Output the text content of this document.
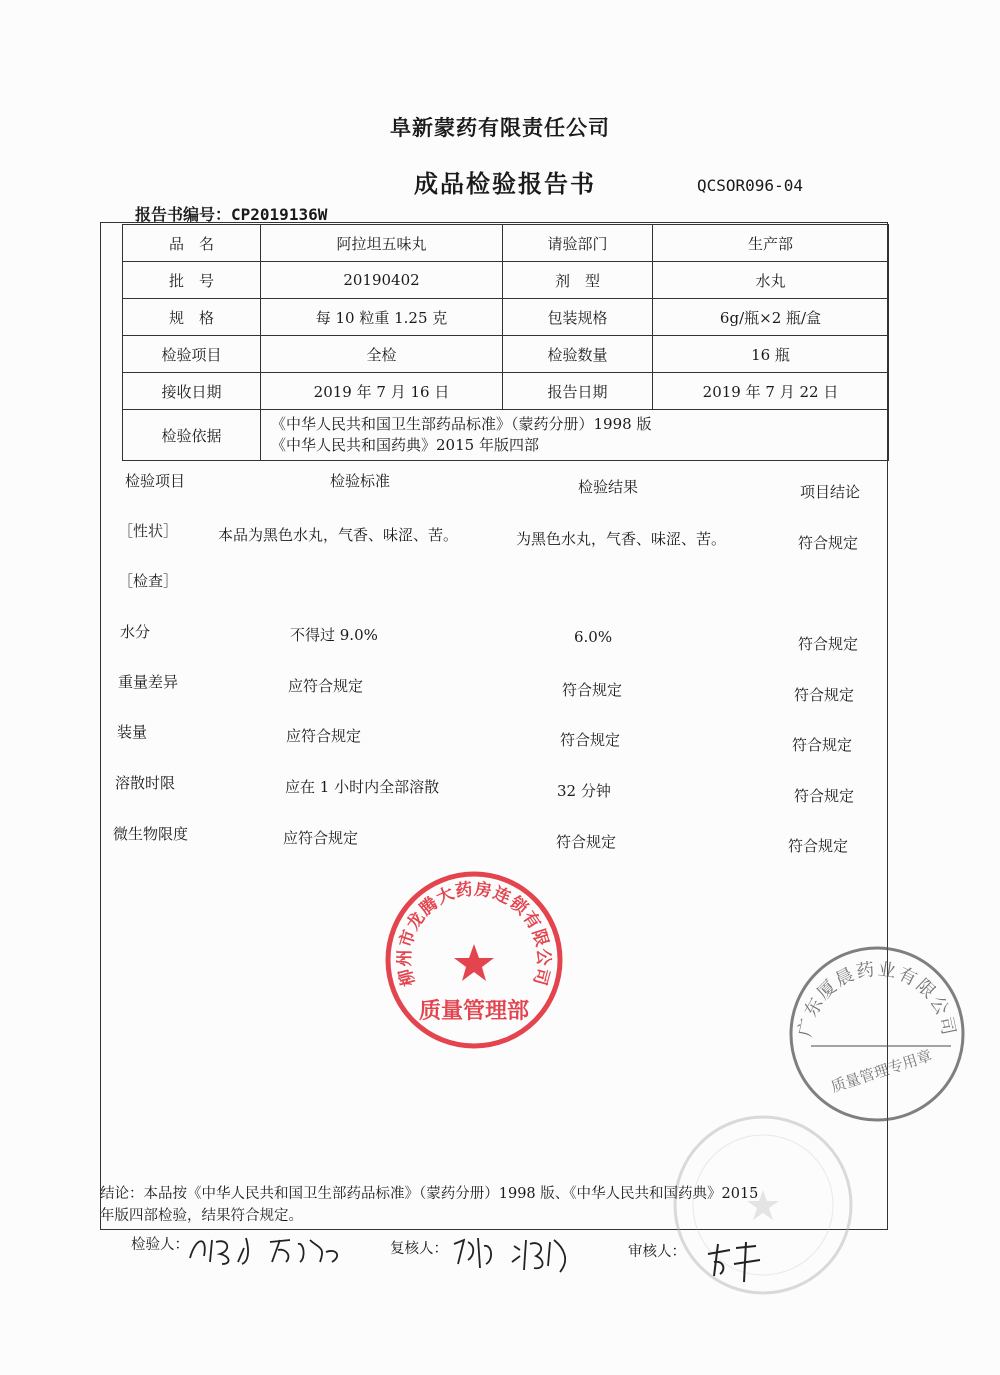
阜新蒙药有限责任公司
成品检验报告书	QCSOR096-04
报告书编号：CP2019136W
品　名	阿拉坦五味丸	请验部门	生产部
批　号	20190402	剂　型	水丸
规　格	每 10 粒重 1.25 克	包装规格	6g/瓶×2 瓶/盒
检验项目	全检	检验数量	16 瓶
接收日期	2019 年 7 月 16 日	报告日期	2019 年 7 月 22 日
检验依据	《中华人民共和国卫生部药品标准》（蒙药分册）1998 版
《中华人民共和国药典》2015 年版四部		
检验项目	检验标准	检验结果	项目结论
［性状］	本品为黑色水丸，气香、味涩、苦。	为黑色水丸，气香、味涩、苦。	符合规定
［检查］
水分	不得过 9.0%	6.0%	符合规定
重量差异	应符合规定	符合规定	符合规定
装量	应符合规定	符合规定	符合规定
溶散时限	应在 1 小时内全部溶散	32 分钟	符合规定
微生物限度	应符合规定	符合规定	符合规定
柳州市龙腾大药房连锁有限公司
质量管理部
广东厦晨药业有限公司
质量管理专用章
结论：本品按《中华人民共和国卫生部药品标准》（蒙药分册）1998 版、《中华人民共和国药典》2015
年版四部检验，结果符合规定。
检验人：	复核人：	审核人：
